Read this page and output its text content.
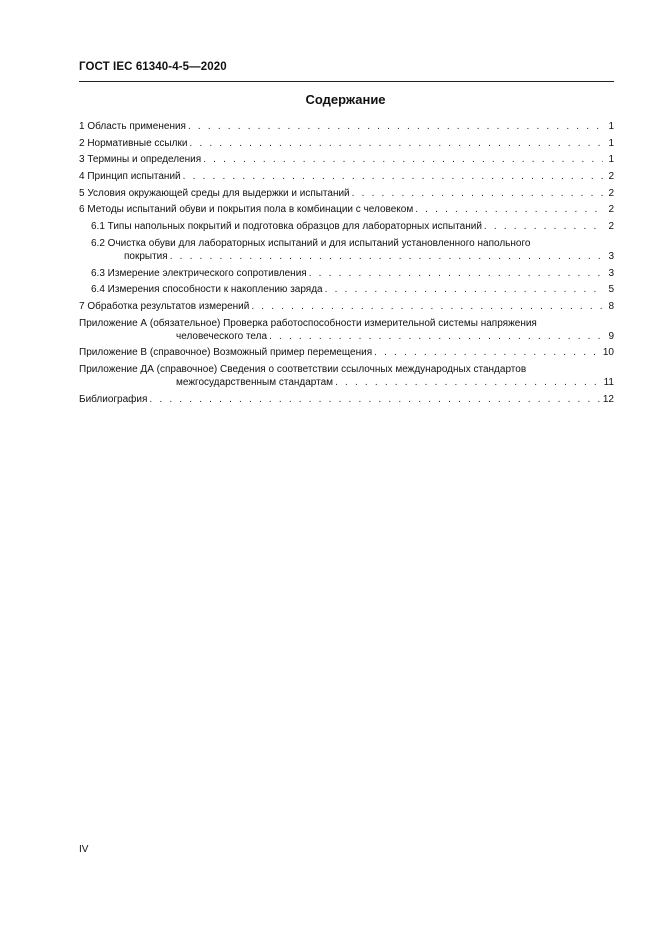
ГОСТ IEC 61340-4-5—2020
Содержание
1 Область применения . . .	1
2 Нормативные ссылки . . .	1
3 Термины и определения . . .	1
4 Принцип испытаний . . .	2
5 Условия окружающей среды для выдержки и испытаний . . .	2
6 Методы испытаний обуви и покрытия пола в комбинации с человеком . . .	2
6.1 Типы напольных покрытий и подготовка образцов для лабораторных испытаний . . .	2
6.2 Очистка обуви для лабораторных испытаний и для испытаний установленного напольного
покрытия . . .	3
6.3 Измерение электрического сопротивления . . .	3
6.4 Измерения способности к накоплению заряда . . .	5
7 Обработка результатов измерений . . .	8
Приложение А (обязательное) Проверка работоспособности измерительной системы напряжения
человеческого тела . . .	9
Приложение В (справочное) Возможный пример перемещения . . .	10
Приложение ДА (справочное) Сведения о соответствии ссылочных международных стандартов
межгосударственным стандартам . . .	11
Библиография . . .	12
IV
